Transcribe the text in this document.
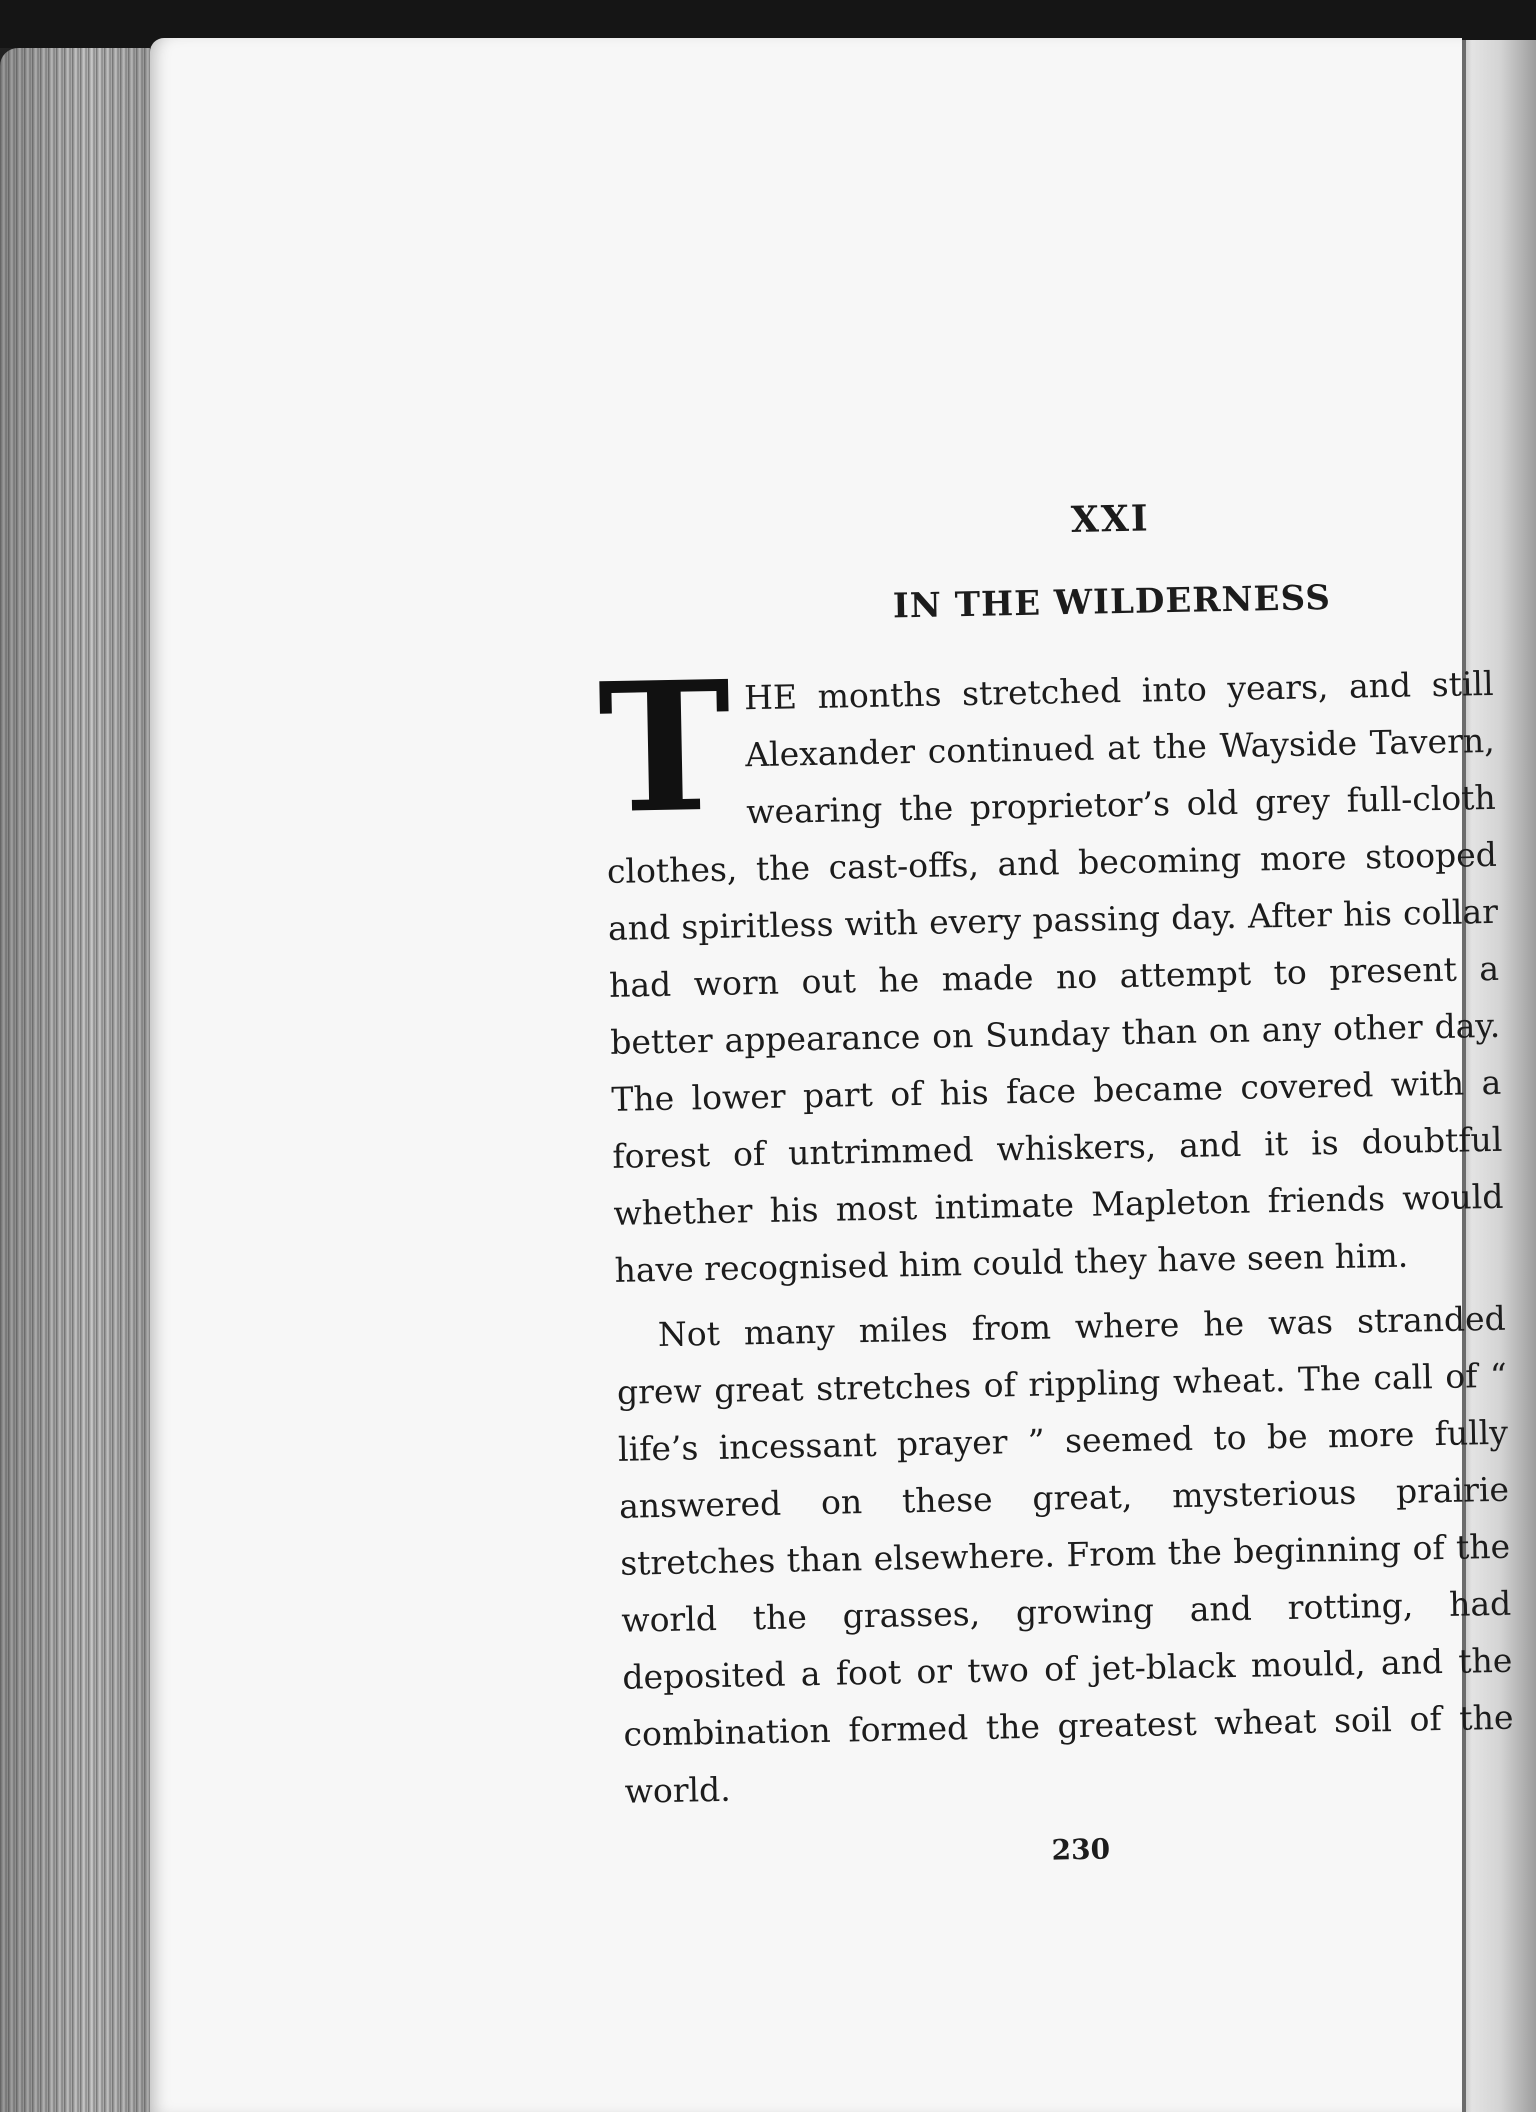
XXI
IN THE WILDERNESS

THE months stretched into years, and still Alexander continued at the Wayside Tavern, wearing the proprietor’s old grey full-cloth clothes, the cast-offs, and becoming more stooped and spiritless with every passing day. After his collar had worn out he made no attempt to present a better appearance on Sunday than on any other day. The lower part of his face became covered with a forest of untrimmed whiskers, and it is doubtful whether his most intimate Mapleton friends would have recognised him could they have seen him.

Not many miles from where he was stranded grew great stretches of rippling wheat. The call of “ life’s incessant prayer ” seemed to be more fully answered on these great, mysterious prairie stretches than elsewhere. From the beginning of the world the grasses, growing and rotting, had deposited a foot or two of jet-black mould, and the combination formed the greatest wheat soil of the world.

230
